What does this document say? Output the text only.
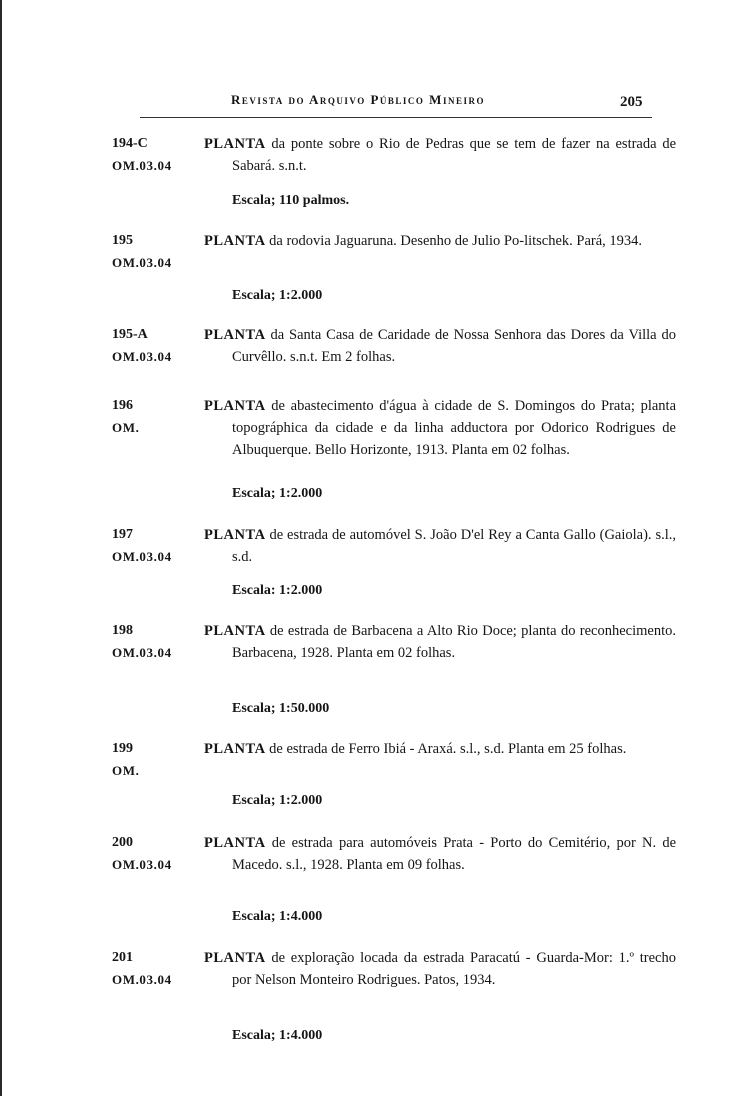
Revista do Arquivo Público Mineiro	205
194-C
OM.03.04
PLANTA da ponte sobre o Rio de Pedras que se tem de fazer na estrada de Sabará. s.n.t.
Escala; 110 palmos.
195
OM.03.04
PLANTA da rodovia Jaguaruna. Desenho de Julio Po-litschek. Pará, 1934.
Escala; 1:2.000
195-A
OM.03.04
PLANTA da Santa Casa de Caridade de Nossa Senhora das Dores da Villa do Curvêllo. s.n.t. Em 2 folhas.
196
OM.
PLANTA de abastecimento d'água à cidade de S. Domingos do Prata; planta topográphica da cidade e da linha adductora por Odorico Rodrigues de Albuquerque. Bello Horizonte, 1913. Planta em 02 folhas.
Escala; 1:2.000
197
OM.03.04
PLANTA de estrada de automóvel S. João D'el Rey a Canta Gallo (Gaiola). s.l., s.d.
Escala: 1:2.000
198
OM.03.04
PLANTA de estrada de Barbacena a Alto Rio Doce; planta do reconhecimento. Barbacena, 1928. Planta em 02 folhas.
Escala; 1:50.000
199
OM.
PLANTA de estrada de Ferro Ibiá - Araxá. s.l., s.d. Planta em 25 folhas.
Escala; 1:2.000
200
OM.03.04
PLANTA de estrada para automóveis Prata - Porto do Cemitério, por N. de Macedo. s.l., 1928. Planta em 09 folhas.
Escala; 1:4.000
201
OM.03.04
PLANTA de exploração locada da estrada Paracatú - Guarda-Mor: 1.º trecho por Nelson Monteiro Rodrigues. Patos, 1934.
Escala; 1:4.000
